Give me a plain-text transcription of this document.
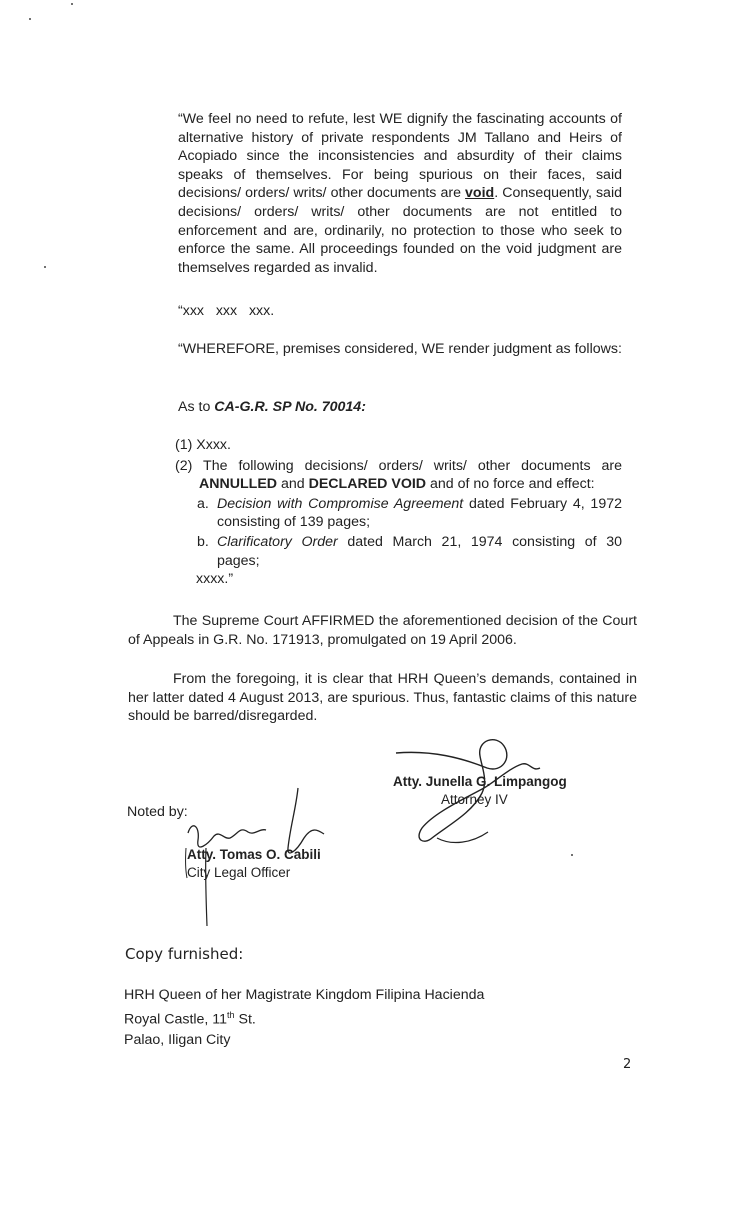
“We feel no need to refute, lest WE dignify the fascinating accounts of alternative history of private respondents JM Tallano and Heirs of Acopiado since the inconsistencies and absurdity of their claims speaks of themselves. For being spurious on their faces, said decisions/ orders/ writs/ other documents are void. Consequently, said decisions/ orders/ writs/ other documents are not entitled to enforcement and are, ordinarily, no protection to those who seek to enforce the same. All proceedings founded on the void judgment are themselves regarded as invalid.

“xxx   xxx   xxx.

“WHEREFORE, premises considered, WE render judgment as follows:

As to CA-G.R. SP No. 70014:

(1) Xxxx.

(2) The following decisions/ orders/ writs/ other documents are ANNULLED and DECLARED VOID and of no force and effect:

a. Decision with Compromise Agreement dated February 4, 1972 consisting of 139 pages;

b. Clarificatory Order dated March 21, 1974 consisting of 30 pages;

xxxx.”

The Supreme Court AFFIRMED the aforementioned decision of the Court of Appeals in G.R. No. 171913, promulgated on 19 April 2006.

From the foregoing, it is clear that HRH Queen’s demands, contained in her latter dated 4 August 2013, are spurious. Thus, fantastic claims of this nature should be barred/disregarded.

Atty. Junella G. Limpangog

Attorney IV

Noted by:

Atty. Tomas O. Cabili

City Legal Officer

Copy furnished:

HRH Queen of her Magistrate Kingdom Filipina Hacienda

Royal Castle, 11th St.

Palao, Iligan City

2
